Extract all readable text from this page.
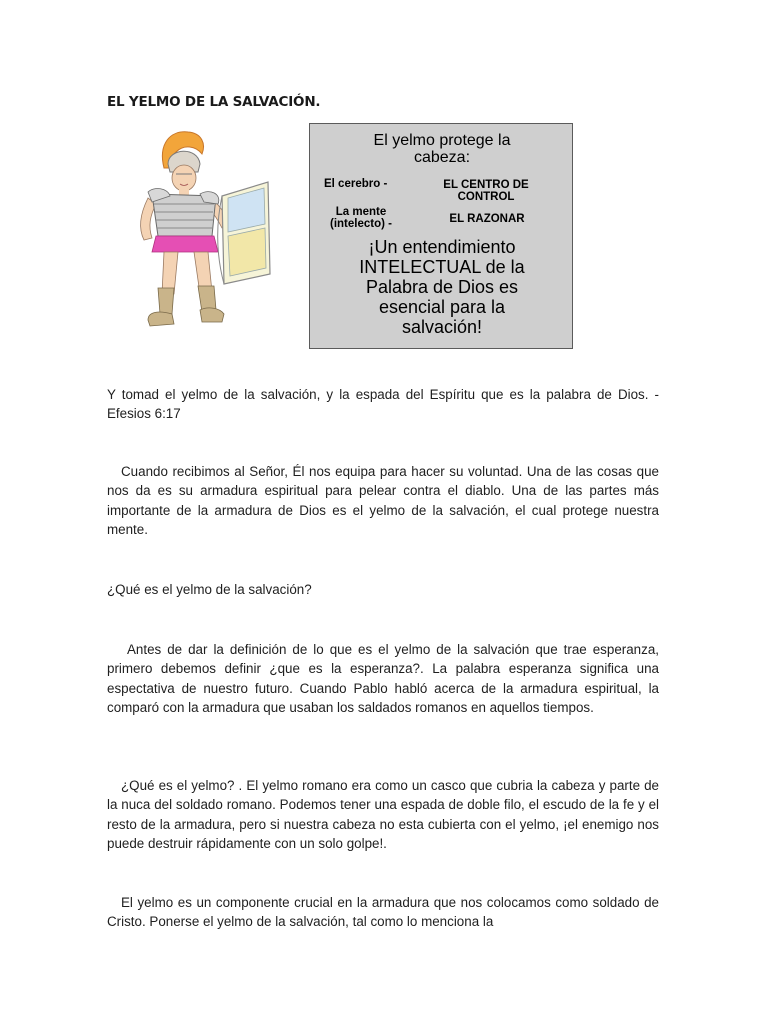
EL YELMO DE LA SALVACIÓN.
El yelmo protege la
cabeza:
El cerebro -	EL CENTRO DE
CONTROL
La mente
(intelecto) -	EL RAZONAR
¡Un entendimiento
INTELECTUAL de la
Palabra de Dios es
esencial para la
salvación!

Y tomad el yelmo de la salvación, y la espada del Espíritu que es la palabra de Dios. - Efesios 6:17

Cuando recibimos al Señor, Él nos equipa para hacer su voluntad. Una de las cosas que nos da es su armadura espiritual para pelear contra el diablo. Una de las partes más importante de la armadura de Dios es el yelmo de la salvación, el cual protege nuestra mente.

¿Qué es el yelmo de la salvación?

Antes de dar la definición de lo que es el yelmo de la salvación que trae esperanza, primero debemos definir ¿que es la esperanza?. La palabra esperanza significa una espectativa de nuestro futuro. Cuando Pablo habló acerca de la armadura espiritual, la comparó con la armadura que usaban los saldados romanos en aquellos tiempos.

¿Qué es el yelmo? . El yelmo romano era como un casco que cubria la cabeza y parte de la nuca del soldado romano. Podemos tener una espada de doble filo, el escudo de la fe y el resto de la armadura, pero si nuestra cabeza no esta cubierta con el yelmo, ¡el enemigo nos puede destruir rápidamente con un solo golpe!.

El yelmo es un componente crucial en la armadura que nos colocamos como soldado de Cristo. Ponerse el yelmo de la salvación, tal como lo menciona la
